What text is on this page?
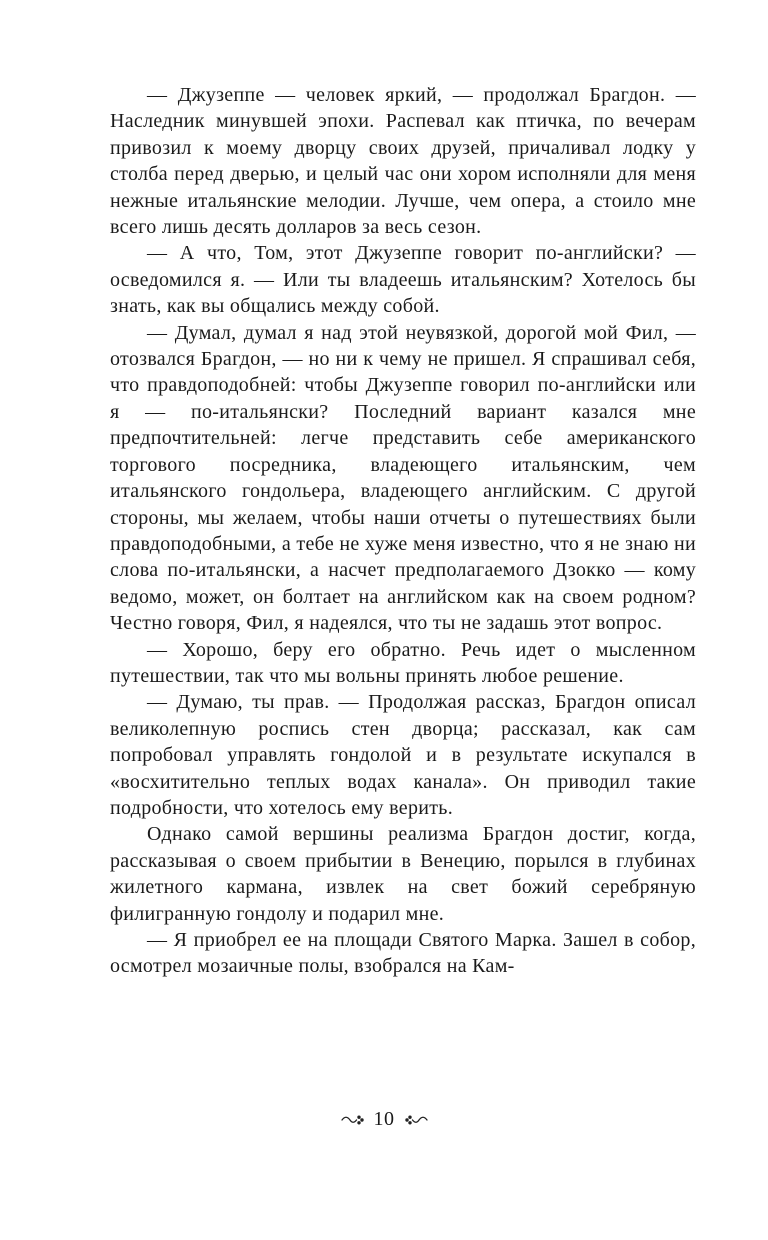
— Джузеппе — человек яркий, — продолжал Брагдон. — Наследник минувшей эпохи. Распевал как птичка, по вечерам привозил к моему дворцу своих друзей, причаливал лодку у столба перед дверью, и целый час они хором исполняли для меня нежные итальянские мелодии. Лучше, чем опера, а стоило мне всего лишь десять долларов за весь сезон.

— А что, Том, этот Джузеппе говорит по-английски? — осведомился я. — Или ты владеешь итальянским? Хотелось бы знать, как вы общались между собой.

— Думал, думал я над этой неувязкой, дорогой мой Фил, — отозвался Брагдон, — но ни к чему не пришел. Я спрашивал себя, что правдоподобней: чтобы Джузеппе говорил по-английски или я — по-итальянски? Последний вариант казался мне предпочтительней: легче представить себе американского торгового посредника, владеющего итальянским, чем итальянского гондольера, владеющего английским. С другой стороны, мы желаем, чтобы наши отчеты о путешествиях были правдоподобными, а тебе не хуже меня известно, что я не знаю ни слова по-итальянски, а насчет предполагаемого Дзокко — кому ведомо, может, он болтает на английском как на своем родном? Честно говоря, Фил, я надеялся, что ты не задашь этот вопрос.

— Хорошо, беру его обратно. Речь идет о мысленном путешествии, так что мы вольны принять любое решение.

— Думаю, ты прав. — Продолжая рассказ, Брагдон описал великолепную роспись стен дворца; рассказал, как сам попробовал управлять гондолой и в результате искупался в «восхитительно теплых водах канала». Он приводил такие подробности, что хотелось ему верить.

Однако самой вершины реализма Брагдон достиг, когда, рассказывая о своем прибытии в Венецию, порылся в глубинах жилетного кармана, извлек на свет божий серебряную филигранную гондолу и подарил мне.

— Я приобрел ее на площади Святого Марка. Зашел в собор, осмотрел мозаичные полы, взобрался на Кам-

10
